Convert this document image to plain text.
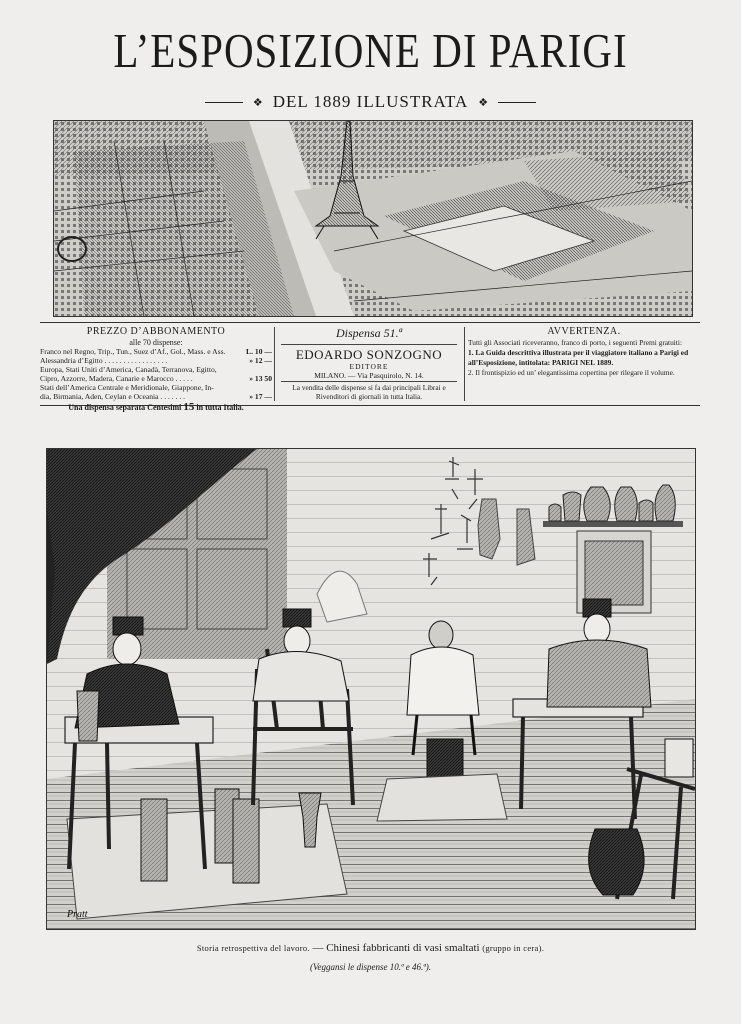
L’ESPOSIZIONE DI PARIGI
❖ DEL 1889 ILLUSTRATA ❖
PREZZO D’ABBONAMENTO
alle 70 dispense:
Franco nel Regno, Trip., Tun., Suez d’Af., Gol., Mass. e Ass.	L. 10 —
Alessandria d’Egitto . . . . . . . . . . . . . . . . .	» 12 —
Europa, Stati Uniti d’America, Canadà, Terranova, Egitto,
Cipro, Azzorre, Madera, Canarie e Marocco . . . . .	» 13 50
Stati dell’America Centrale e Meridionale, Giappone, In-
dia, Birmania, Aden, Ceylan e Oceania . . . . . . .	» 17 —
Una dispensa separata Centesimi 15 in tutta Italia.
Dispensa 51.ª
EDOARDO SONZOGNO
EDITORE
MILANO. — Via Pasquirolo, N. 14.
La vendita delle dispense si fa dai principali Librai e Rivenditori di giornali in tutta Italia.
AVVERTENZA.
Tutti gli Associati riceveranno, franco di porto, i seguenti Premi gratuiti:
1. La Guida descrittiva illustrata per il viaggiatore italiano a Parigi ed all’Esposizione, intitolata: PARIGI NEL 1889.
2. Il frontispizio ed un’ elegantissima copertina per rilegare il volume.
Pratt
Storia retrospettiva del lavoro. — Chinesi fabbricanti di vasi smaltati (gruppo in cera).
(Veggansi le dispense 10.ª e 46.ª).
